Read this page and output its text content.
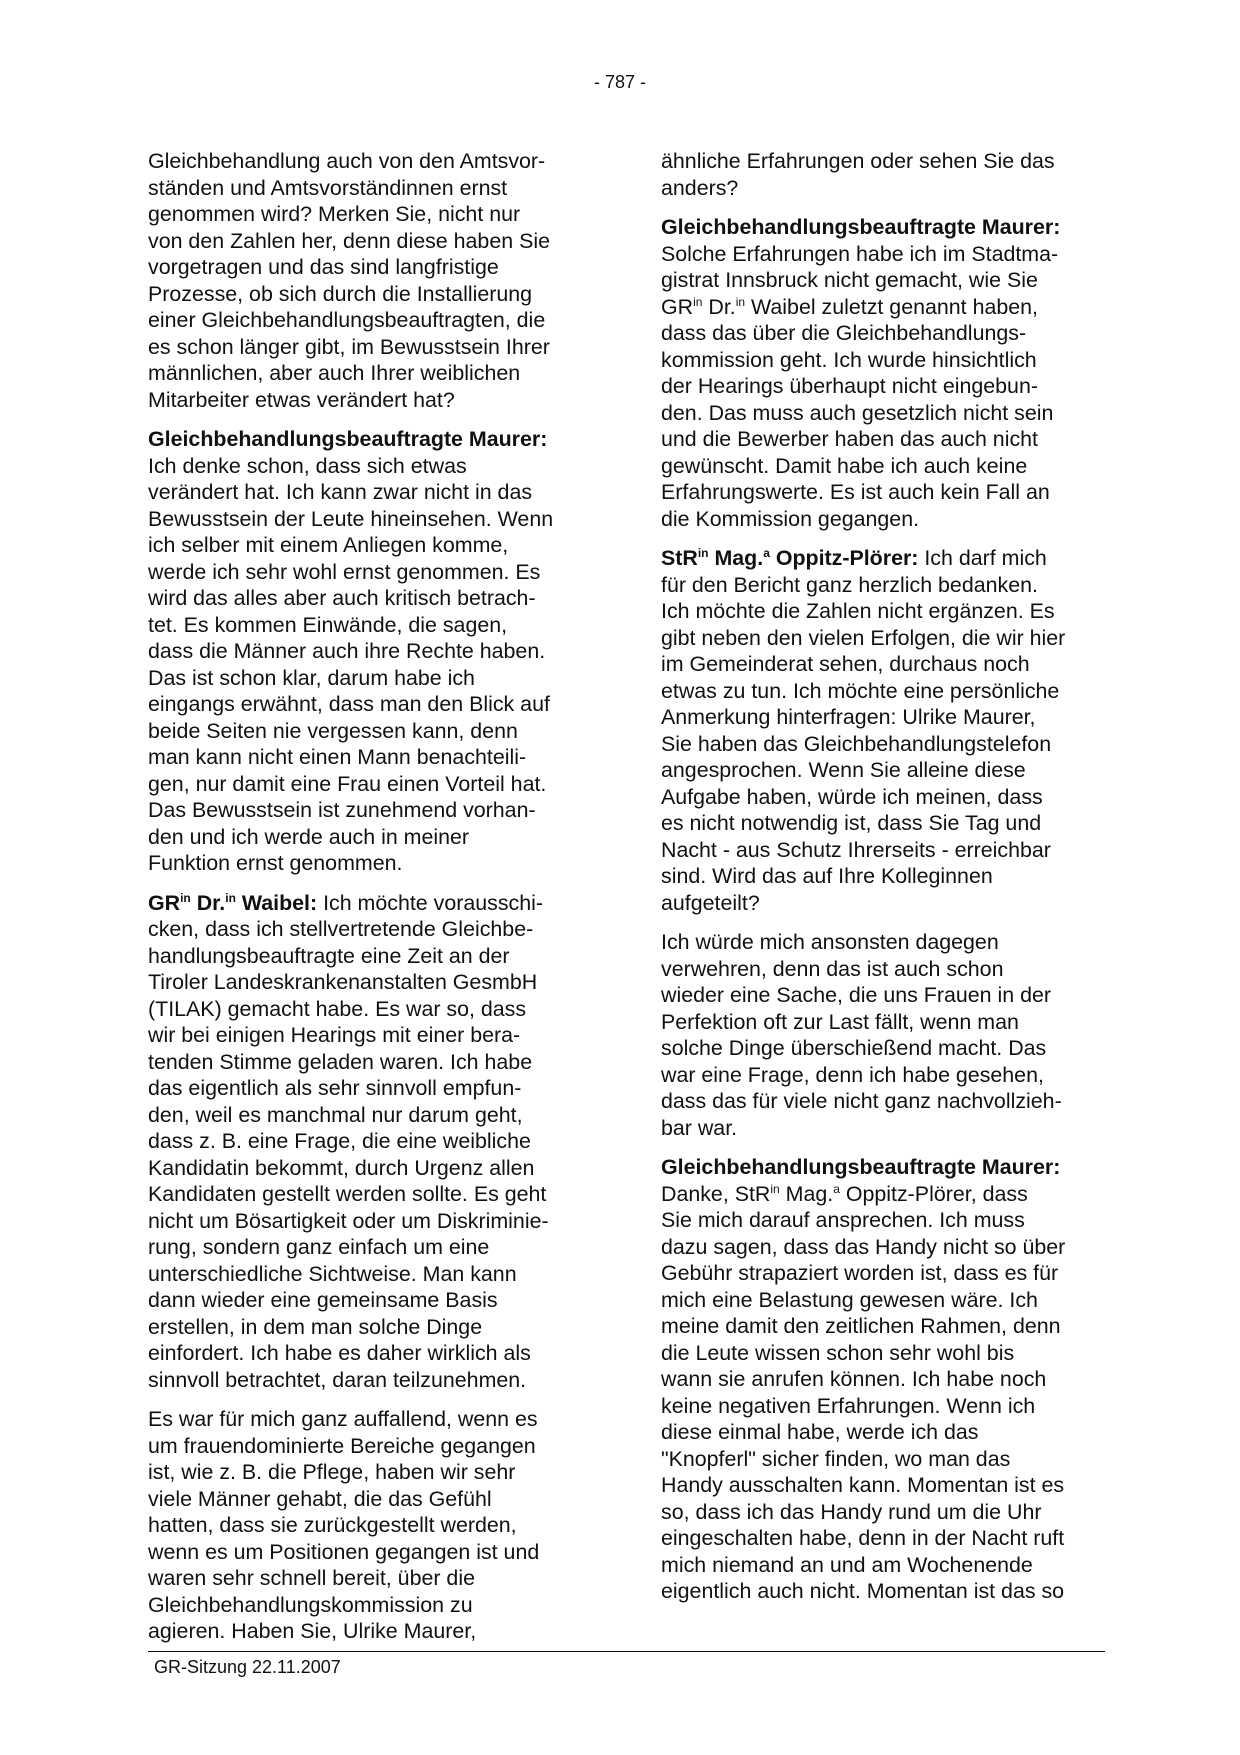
- 787 -
Gleichbehandlung auch von den Amtsvor-
ständen und Amtsvorständinnen ernst
genommen wird? Merken Sie, nicht nur
von den Zahlen her, denn diese haben Sie
vorgetragen und das sind langfristige
Prozesse, ob sich durch die Installierung
einer Gleichbehandlungsbeauftragten, die
es schon länger gibt, im Bewusstsein Ihrer
männlichen, aber auch Ihrer weiblichen
Mitarbeiter etwas verändert hat?
Gleichbehandlungsbeauftragte Maurer:
Ich denke schon, dass sich etwas
verändert hat. Ich kann zwar nicht in das
Bewusstsein der Leute hineinsehen. Wenn
ich selber mit einem Anliegen komme,
werde ich sehr wohl ernst genommen. Es
wird das alles aber auch kritisch betrach-
tet. Es kommen Einwände, die sagen,
dass die Männer auch ihre Rechte haben.
Das ist schon klar, darum habe ich
eingangs erwähnt, dass man den Blick auf
beide Seiten nie vergessen kann, denn
man kann nicht einen Mann benachteili-
gen, nur damit eine Frau einen Vorteil hat.
Das Bewusstsein ist zunehmend vorhan-
den und ich werde auch in meiner
Funktion ernst genommen.
$GR^{in}$ Dr.$^{in}$ Waibel: Ich möchte vorausschi-
cken, dass ich stellvertretende Gleichbe-
handlungsbeauftragte eine Zeit an der
Tiroler Landeskrankenanstalten GesmbH
(TILAK) gemacht habe. Es war so, dass
wir bei einigen Hearings mit einer bera-
tenden Stimme geladen waren. Ich habe
das eigentlich als sehr sinnvoll empfun-
den, weil es manchmal nur darum geht,
dass z. B. eine Frage, die eine weibliche
Kandidatin bekommt, durch Urgenz allen
Kandidaten gestellt werden sollte. Es geht
nicht um Bösartigkeit oder um Diskriminie-
rung, sondern ganz einfach um eine
unterschiedliche Sichtweise. Man kann
dann wieder eine gemeinsame Basis
erstellen, in dem man solche Dinge
einfordert. Ich habe es daher wirklich als
sinnvoll betrachtet, daran teilzunehmen.
Es war für mich ganz auffallend, wenn es
um frauendominierte Bereiche gegangen
ist, wie z. B. die Pflege, haben wir sehr
viele Männer gehabt, die das Gefühl
hatten, dass sie zurückgestellt werden,
wenn es um Positionen gegangen ist und
waren sehr schnell bereit, über die
Gleichbehandlungskommission zu
agieren. Haben Sie, Ulrike Maurer,
ähnliche Erfahrungen oder sehen Sie das
anders?
Gleichbehandlungsbeauftragte Maurer:
Solche Erfahrungen habe ich im Stadtma-
gistrat Innsbruck nicht gemacht, wie Sie
$GR^{in}$ Dr.$^{in}$ Waibel zuletzt genannt haben,
dass das über die Gleichbehandlungs-
kommission geht. Ich wurde hinsichtlich
der Hearings überhaupt nicht eingebun-
den. Das muss auch gesetzlich nicht sein
und die Bewerber haben das auch nicht
gewünscht. Damit habe ich auch keine
Erfahrungswerte. Es ist auch kein Fall an
die Kommission gegangen.
StR$^{in}$ Mag.$^a$ Oppitz-Plörer: Ich darf mich
für den Bericht ganz herzlich bedanken.
Ich möchte die Zahlen nicht ergänzen. Es
gibt neben den vielen Erfolgen, die wir hier
im Gemeinderat sehen, durchaus noch
etwas zu tun. Ich möchte eine persönliche
Anmerkung hinterfragen: Ulrike Maurer,
Sie haben das Gleichbehandlungstelefon
angesprochen. Wenn Sie alleine diese
Aufgabe haben, würde ich meinen, dass
es nicht notwendig ist, dass Sie Tag und
Nacht - aus Schutz Ihrerseits - erreichbar
sind. Wird das auf Ihre Kolleginnen
aufgeteilt?
Ich würde mich ansonsten dagegen
verwehren, denn das ist auch schon
wieder eine Sache, die uns Frauen in der
Perfektion oft zur Last fällt, wenn man
solche Dinge überschießend macht. Das
war eine Frage, denn ich habe gesehen,
dass das für viele nicht ganz nachvollzieh-
bar war.
Gleichbehandlungsbeauftragte Maurer:
Danke, StR$^{in}$ Mag.$^a$ Oppitz-Plörer, dass
Sie mich darauf ansprechen. Ich muss
dazu sagen, dass das Handy nicht so über
Gebühr strapaziert worden ist, dass es für
mich eine Belastung gewesen wäre. Ich
meine damit den zeitlichen Rahmen, denn
die Leute wissen schon sehr wohl bis
wann sie anrufen können. Ich habe noch
keine negativen Erfahrungen. Wenn ich
diese einmal habe, werde ich das
"Knopferl" sicher finden, wo man das
Handy ausschalten kann. Momentan ist es
so, dass ich das Handy rund um die Uhr
eingeschalten habe, denn in der Nacht ruft
mich niemand an und am Wochenende
eigentlich auch nicht. Momentan ist das so
GR-Sitzung 22.11.2007
